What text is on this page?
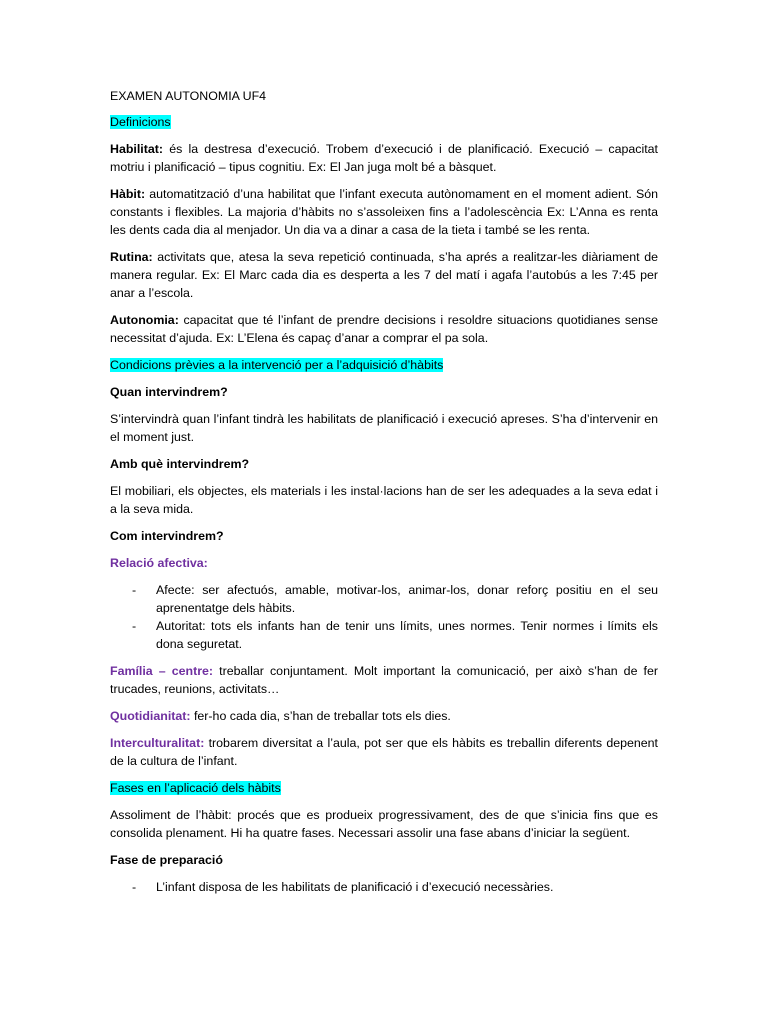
EXAMEN AUTONOMIA UF4

Definicions

Habilitat: és la destresa d’execució. Trobem d’execució i de planificació. Execució – capacitat motriu i planificació – tipus cognitiu. Ex: El Jan juga molt bé a bàsquet.

Hàbit: automatització d’una habilitat que l’infant executa autònomament en el moment adient. Són constants i flexibles. La majoria d’hàbits no s’assoleixen fins a l’adolescència Ex: L’Anna es renta les dents cada dia al menjador. Un dia va a dinar a casa de la tieta i també se les renta.

Rutina: activitats que, atesa la seva repetició continuada, s’ha aprés a realitzar-les diàriament de manera regular. Ex: El Marc cada dia es desperta a les 7 del matí i agafa l’autobús a les 7:45 per anar a l’escola.

Autonomia: capacitat que té l’infant de prendre decisions i resoldre situacions quotidianes sense necessitat d’ajuda. Ex: L’Elena és capaç d’anar a comprar el pa sola.

Condicions prèvies a la intervenció per a l’adquisició d’hàbits

Quan intervindrem?

S’intervindrà quan l’infant tindrà les habilitats de planificació i execució apreses. S’ha d’intervenir en el moment just.

Amb què intervindrem?

El mobiliari, els objectes, els materials i les instal·lacions han de ser les adequades a la seva edat i a la seva mida.

Com intervindrem?

Relació afectiva:

- Afecte: ser afectuós, amable, motivar-los, animar-los, donar reforç positiu en el seu aprenentatge dels hàbits.
- Autoritat: tots els infants han de tenir uns límits, unes normes. Tenir normes i límits els dona seguretat.

Família – centre: treballar conjuntament. Molt important la comunicació, per això s’han de fer trucades, reunions, activitats…

Quotidianitat: fer-ho cada dia, s’han de treballar tots els dies.

Interculturalitat: trobarem diversitat a l’aula, pot ser que els hàbits es treballin diferents depenent de la cultura de l’infant.

Fases en l’aplicació dels hàbits

Assoliment de l’hàbit: procés que es produeix progressivament, des de que s’inicia fins que es consolida plenament. Hi ha quatre fases. Necessari assolir una fase abans d’iniciar la següent.

Fase de preparació

- L’infant disposa de les habilitats de planificació i d’execució necessàries.
